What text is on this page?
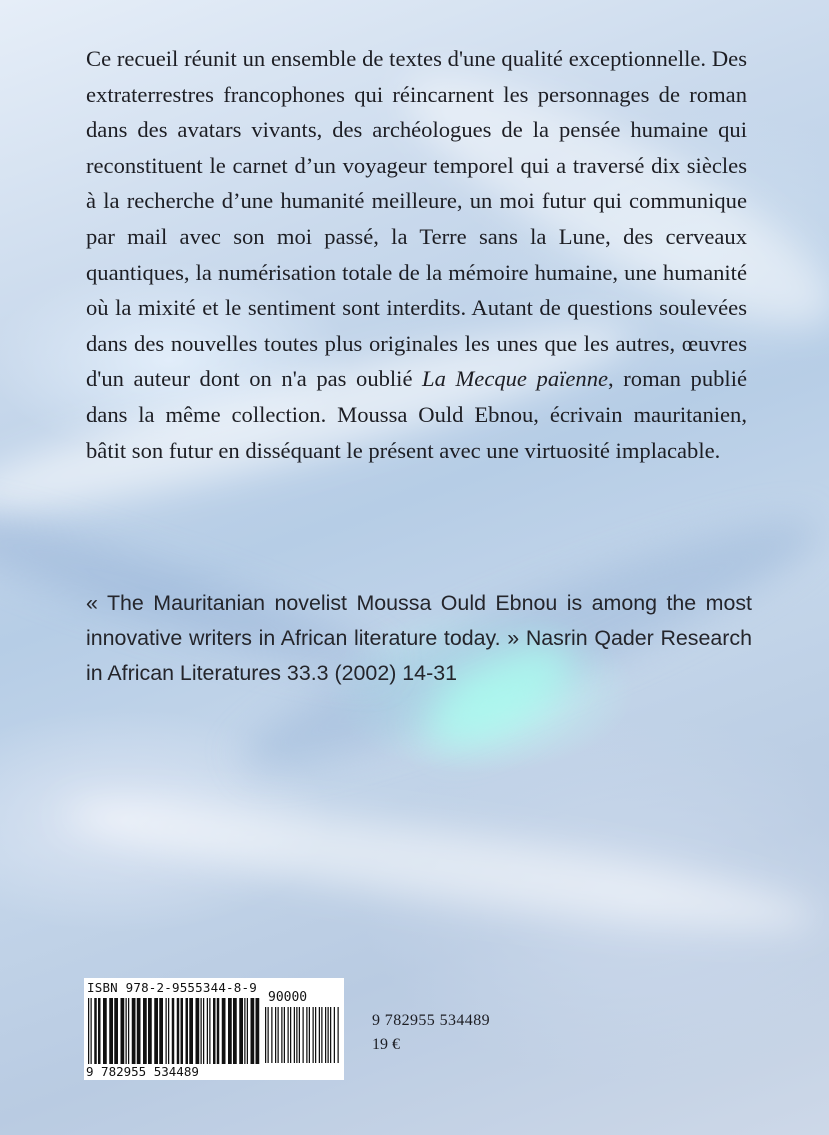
Ce recueil réunit un ensemble de textes d'une qualité exceptionnelle. Des extraterrestres francophones qui réincarnent les personnages de roman dans des avatars vivants, des archéologues de la pensée humaine qui reconstituent le carnet d’un voyageur temporel qui a traversé dix siècles à la recherche d’une humanité meilleure, un moi futur qui communique par mail avec son moi passé, la Terre sans la Lune, des cerveaux quantiques, la numérisation totale de la mémoire humaine, une humanité où la mixité et le sentiment sont interdits. Autant de questions soulevées dans des nouvelles toutes plus originales les unes que les autres, œuvres d'un auteur dont on n'a pas oublié La Mecque païenne, roman publié dans la même collection. Moussa Ould Ebnou, écrivain mauritanien, bâtit son futur en disséquant le présent avec une virtuosité implacable.

« The Mauritanian novelist Moussa Ould Ebnou is among the most innovative writers in African literature today. » Nasrin Qader Research in African Literatures 33.3 (2002) 14-31

ISBN 978-2-9555344-8-9
90000
9 782955 534489
9 782955 534489
19 €
